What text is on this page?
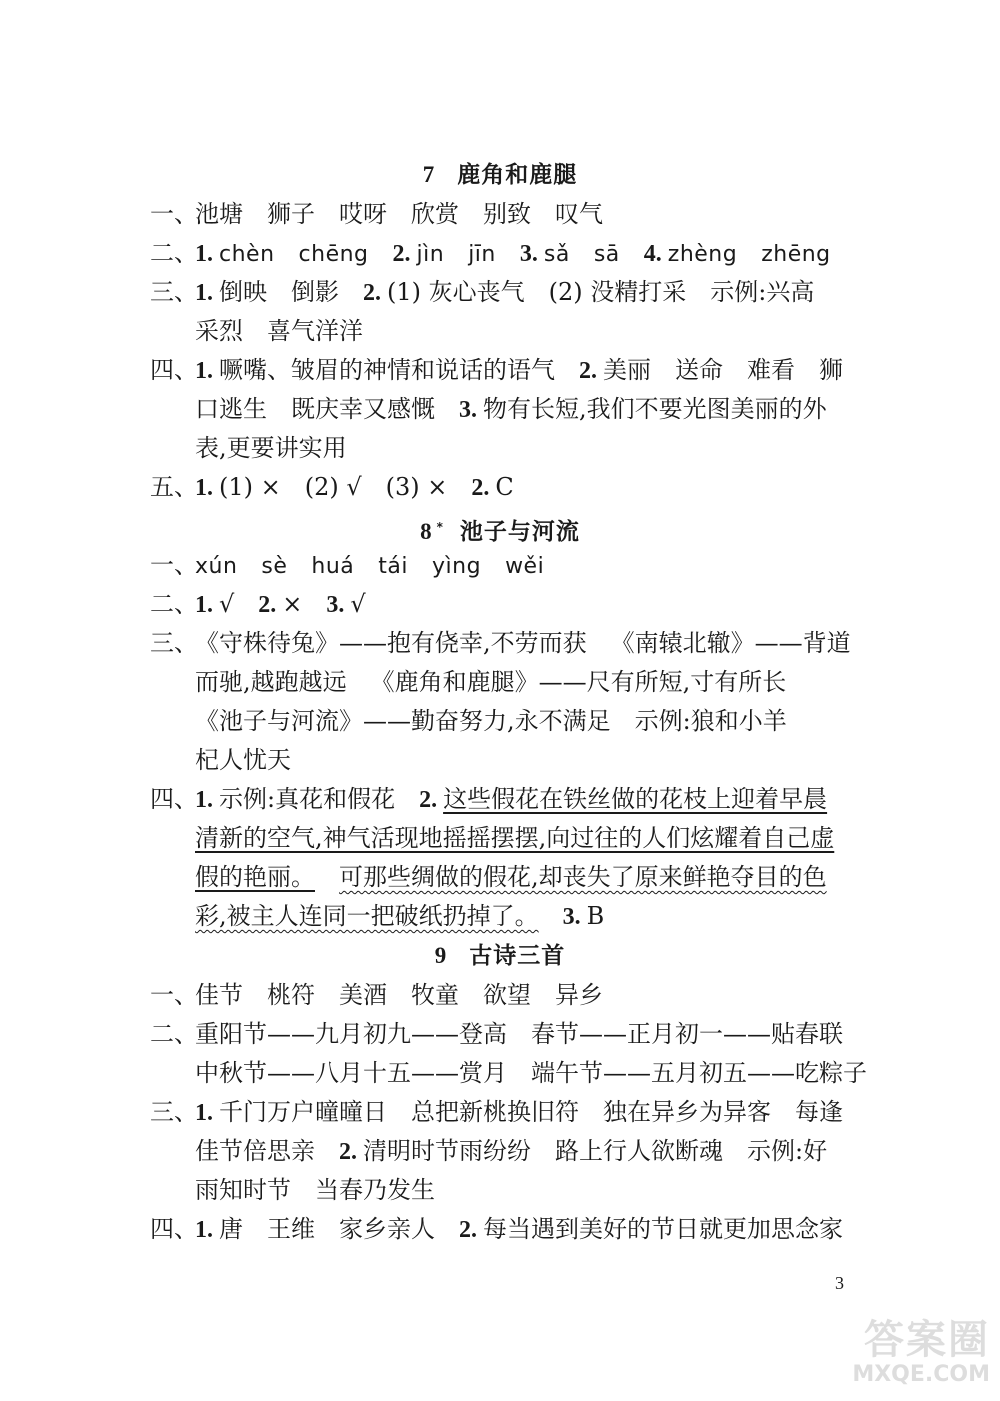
7 鹿角和鹿腿
一、池塘 狮子 哎呀 欣赏 别致 叹气
二、1. chèn chēng 2. jìn jīn 3. sǎ sā 4. zhèng zhēng
三、1. 倒映 倒影 2. (1) 灰心丧气 (2) 没精打采 示例:兴高
采烈 喜气洋洋
四、1. 噘嘴、皱眉的神情和说话的语气 2. 美丽 送命 难看 狮
口逃生 既庆幸又感慨 3. 物有长短,我们不要光图美丽的外
表,更要讲实用
五、1. (1) × (2) √ (3) × 2. C
8 * 池子与河流
一、xún sè huá tái yìng wěi
二、1. √ 2. × 3. √
三、《守株待兔》——抱有侥幸,不劳而获 《南辕北辙》——背道
而驰,越跑越远 《鹿角和鹿腿》——尺有所短,寸有所长
《池子与河流》——勤奋努力,永不满足 示例:狼和小羊
杞人忧天
四、1. 示例:真花和假花 2. 这些假花在铁丝做的花枝上迎着早晨
清新的空气,神气活现地摇摇摆摆,向过往的人们炫耀着自己虚
假的艳丽。 可那些绸做的假花,却丧失了原来鲜艳夺目的色
彩,被主人连同一把破纸扔掉了。 3. B
9 古诗三首
一、佳节 桃符 美酒 牧童 欲望 异乡
二、重阳节——九月初九——登高 春节——正月初一——贴春联
中秋节——八月十五——赏月 端午节——五月初五——吃粽子
三、1. 千门万户曈曈日 总把新桃换旧符 独在异乡为异客 每逢
佳节倍思亲 2. 清明时节雨纷纷 路上行人欲断魂 示例:好
雨知时节 当春乃发生
四、1. 唐 王维 家乡亲人 2. 每当遇到美好的节日就更加思念家
3
答案圈
MXQE.COM
